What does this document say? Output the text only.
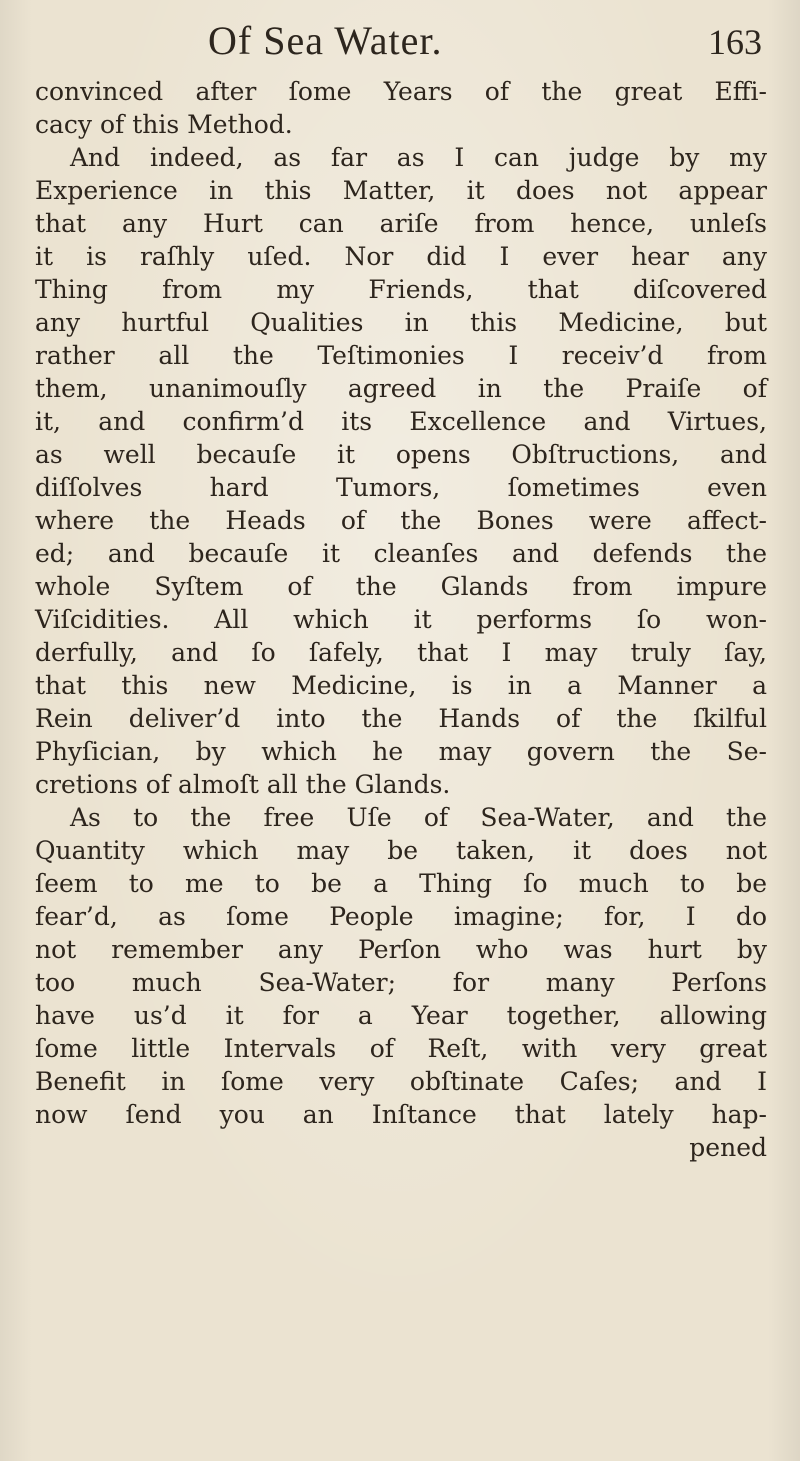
Of Sea Water.	163
convinced after ſome Years of the great Effi-
cacy of this Method.
And indeed, as far as I can judge by my
Experience in this Matter, it does not appear
that any Hurt can ariſe from hence, unleſs
it is raſhly uſed. Nor did I ever hear any
Thing from my Friends, that diſcovered
any hurtful Qualities in this Medicine, but
rather all the Teſtimonies I receiv’d from
them, unanimouſly agreed in the Praiſe of
it, and confirm’d its Excellence and Virtues,
as well becauſe it opens Obſtructions, and
diſſolves hard Tumors, ſometimes even
where the Heads of the Bones were affect-
ed; and becauſe it cleanſes and defends the
whole Syſtem of the Glands from impure
Viſcidities. All which it performs ſo won-
derfully, and ſo ſafely, that I may truly ſay,
that this new Medicine, is in a Manner a
Rein deliver’d into the Hands of the ſkilful
Phyſician, by which he may govern the Se-
cretions of almoſt all the Glands.
As to the free Uſe of Sea-Water, and the
Quantity which may be taken, it does not
ſeem to me to be a Thing ſo much to be
fear’d, as ſome People imagine; for, I do
not remember any Perſon who was hurt by
too much Sea-Water; for many Perſons
have us’d it for a Year together, allowing
ſome little Intervals of Reſt, with very great
Benefit in ſome very obſtinate Caſes; and I
now ſend you an Inſtance that lately hap-
pened
